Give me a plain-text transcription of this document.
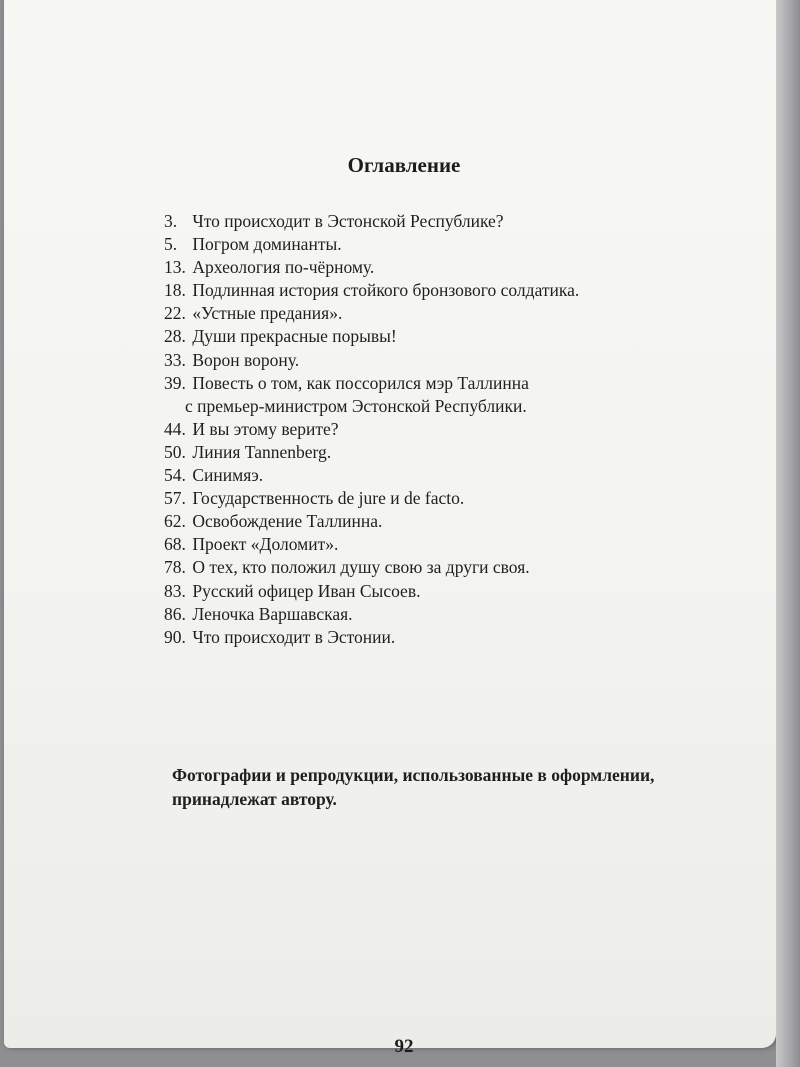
Оглавление
3. Что происходит в Эстонской Республике?
5. Погром доминанты.
13. Археология по-чёрному.
18. Подлинная история стойкого бронзового солдатика.
22. «Устные предания».
28. Души прекрасные порывы!
33. Ворон ворону.
39. Повесть о том, как поссорился мэр Таллинна
с премьер-министром Эстонской Республики.
44. И вы этому верите?
50. Линия Tannenberg.
54. Синимяэ.
57. Государственность de jure и de facto.
62. Освобождение Таллинна.
68. Проект «Доломит».
78. О тех, кто положил душу свою за други своя.
83. Русский офицер Иван Сысоев.
86. Леночка Варшавская.
90. Что происходит в Эстонии.
Фотографии и репродукции, использованные в оформлении,
принадлежат автору.
92
